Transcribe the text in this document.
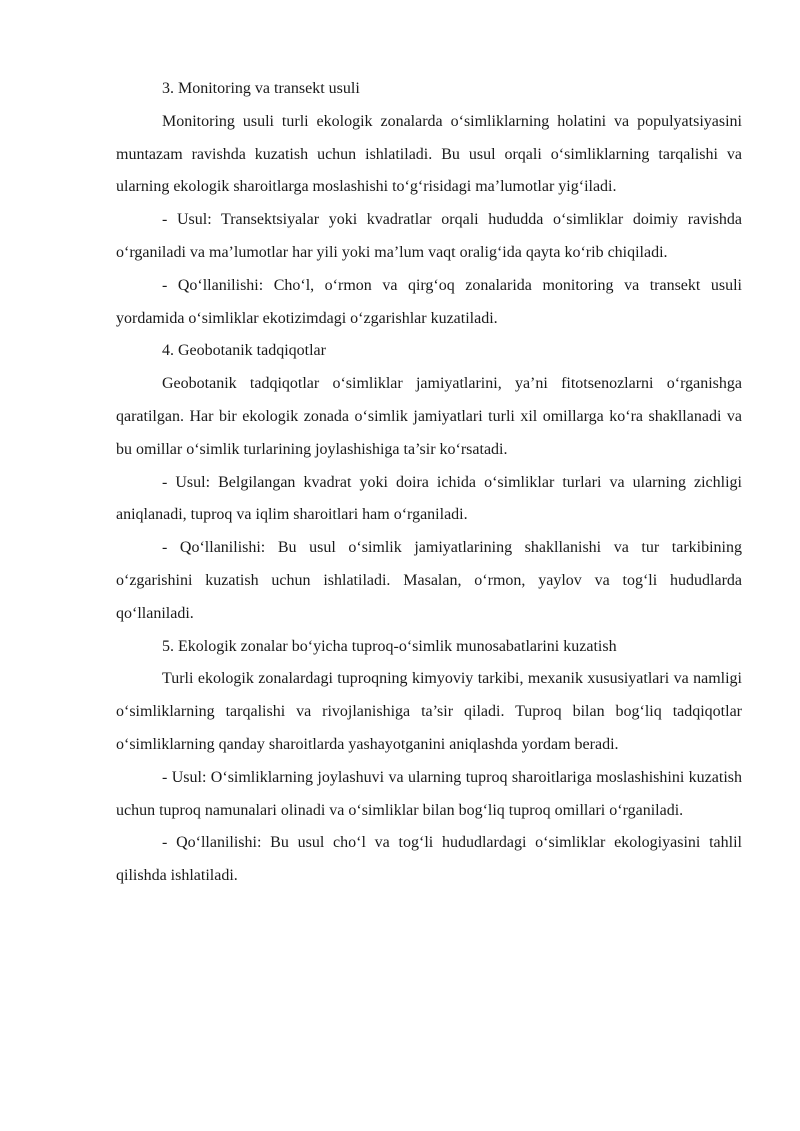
3. Monitoring va transekt usuli

Monitoring usuli turli ekologik zonalarda o‘simliklarning holatini va populyatsiyasini muntazam ravishda kuzatish uchun ishlatiladi. Bu usul orqali o‘simliklarning tarqalishi va ularning ekologik sharoitlarga moslashishi to‘g‘risidagi ma’lumotlar yig‘iladi.

- Usul: Transektsiyalar yoki kvadratlar orqali hududda o‘simliklar doimiy ravishda o‘rganiladi va ma’lumotlar har yili yoki ma’lum vaqt oralig‘ida qayta ko‘rib chiqiladi.

- Qo‘llanilishi: Cho‘l, o‘rmon va qirg‘oq zonalarida monitoring va transekt usuli yordamida o‘simliklar ekotizimdagi o‘zgarishlar kuzatiladi.

4. Geobotanik tadqiqotlar

Geobotanik tadqiqotlar o‘simliklar jamiyatlarini, ya’ni fitotsenozlarni o‘rganishga qaratilgan. Har bir ekologik zonada o‘simlik jamiyatlari turli xil omillarga ko‘ra shakllanadi va bu omillar o‘simlik turlarining joylashishiga ta’sir ko‘rsatadi.

- Usul: Belgilangan kvadrat yoki doira ichida o‘simliklar turlari va ularning zichligi aniqlanadi, tuproq va iqlim sharoitlari ham o‘rganiladi.

- Qo‘llanilishi: Bu usul o‘simlik jamiyatlarining shakllanishi va tur tarkibining o‘zgarishini kuzatish uchun ishlatiladi. Masalan, o‘rmon, yaylov va tog‘li hududlarda qo‘llaniladi.

5. Ekologik zonalar bo‘yicha tuproq-o‘simlik munosabatlarini kuzatish

Turli ekologik zonalardagi tuproqning kimyoviy tarkibi, mexanik xususiyatlari va namligi o‘simliklarning tarqalishi va rivojlanishiga ta’sir qiladi. Tuproq bilan bog‘liq tadqiqotlar o‘simliklarning qanday sharoitlarda yashayotganini aniqlashda yordam beradi.

- Usul: O‘simliklarning joylashuvi va ularning tuproq sharoitlariga moslashishini kuzatish uchun tuproq namunalari olinadi va o‘simliklar bilan bog‘liq tuproq omillari o‘rganiladi.

- Qo‘llanilishi: Bu usul cho‘l va tog‘li hududlardagi o‘simliklar ekologiyasini tahlil qilishda ishlatiladi.
